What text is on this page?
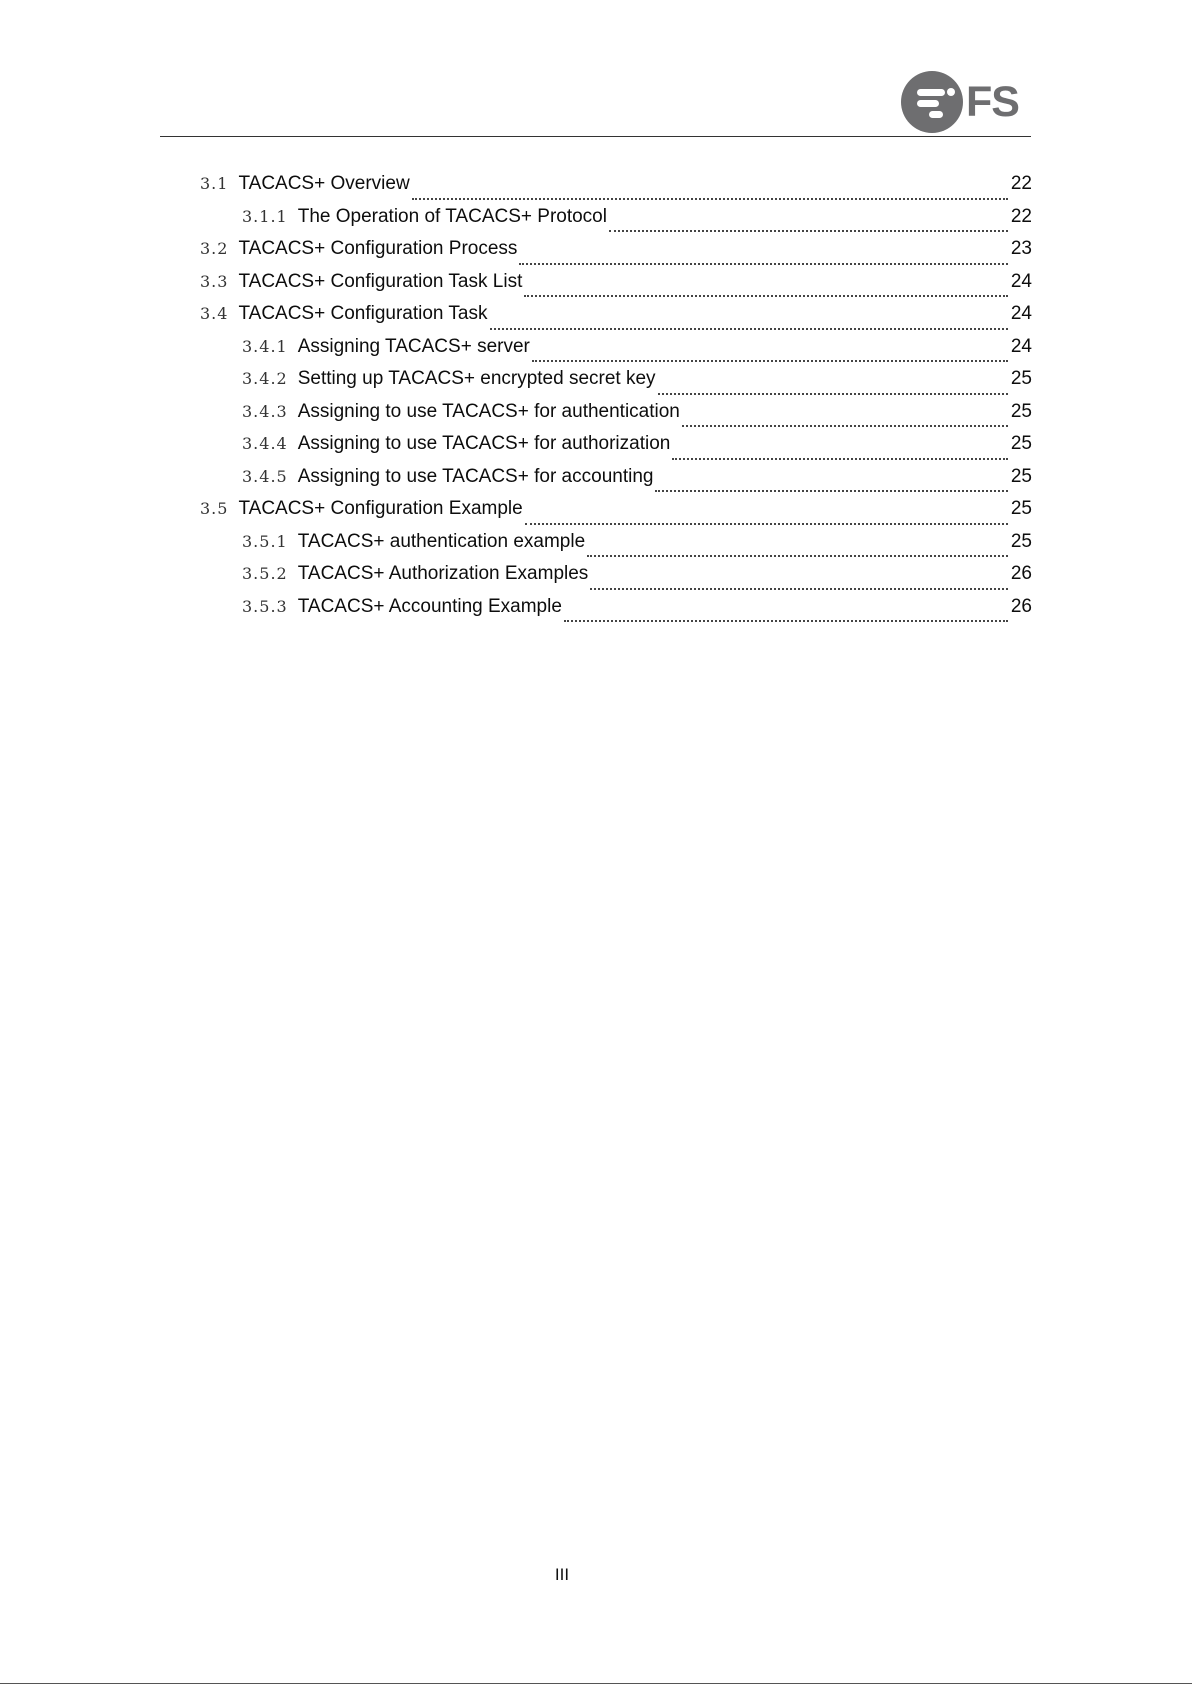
FS
3.1 TACACS+ Overview	22
3.1.1 The Operation of TACACS+ Protocol	22
3.2 TACACS+ Configuration Process	23
3.3 TACACS+ Configuration Task List	24
3.4 TACACS+ Configuration Task	24
3.4.1 Assigning TACACS+ server	24
3.4.2 Setting up TACACS+ encrypted secret key	25
3.4.3 Assigning to use TACACS+ for authentication	25
3.4.4 Assigning to use TACACS+ for authorization	25
3.4.5 Assigning to use TACACS+ for accounting	25
3.5 TACACS+ Configuration Example	25
3.5.1 TACACS+ authentication example	25
3.5.2 TACACS+ Authorization Examples	26
3.5.3 TACACS+ Accounting Example	26
III
